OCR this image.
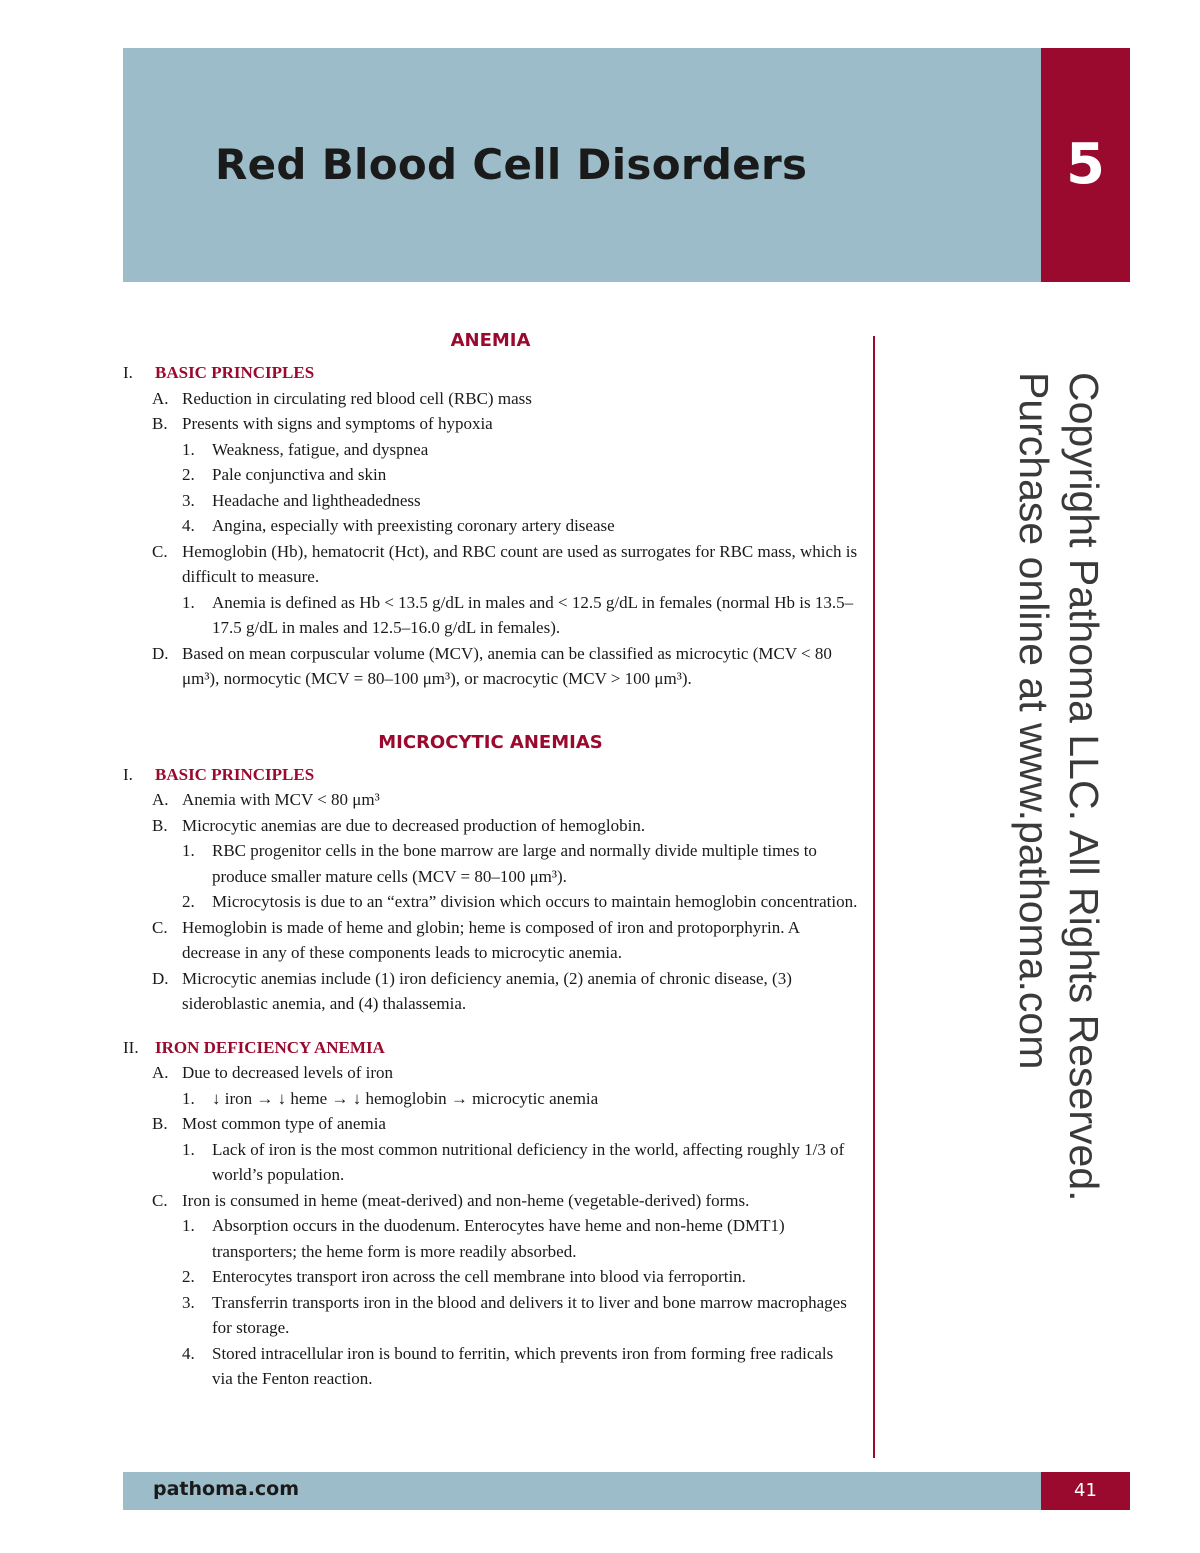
Red Blood Cell Disorders	5
ANEMIA
I.	BASIC PRINCIPLES
A. Reduction in circulating red blood cell (RBC) mass
B. Presents with signs and symptoms of hypoxia
1.	Weakness, fatigue, and dyspnea
2.	Pale conjunctiva and skin
3.	Headache and lightheadedness
4.	Angina, especially with preexisting coronary artery disease
C. Hemoglobin (Hb), hematocrit (Hct), and RBC count are used as surrogates for RBC mass, which is difficult to measure.
1.	Anemia is defined as Hb < 13.5 g/dL in males and < 12.5 g/dL in females (normal Hb is 13.5–17.5 g/dL in males and 12.5–16.0 g/dL in females).
D. Based on mean corpuscular volume (MCV), anemia can be classified as microcytic (MCV < 80 μm³), normocytic (MCV = 80–100 μm³), or macrocytic (MCV > 100 μm³).
MICROCYTIC ANEMIAS
I.	BASIC PRINCIPLES
A. Anemia with MCV < 80 μm³
B. Microcytic anemias are due to decreased production of hemoglobin.
1.	RBC progenitor cells in the bone marrow are large and normally divide multiple times to produce smaller mature cells (MCV = 80–100 μm³).
2.	Microcytosis is due to an “extra” division which occurs to maintain hemoglobin concentration.
C. Hemoglobin is made of heme and globin; heme is composed of iron and protoporphyrin. A decrease in any of these components leads to microcytic anemia.
D. Microcytic anemias include (1) iron deficiency anemia, (2) anemia of chronic disease, (3) sideroblastic anemia, and (4) thalassemia.
II. IRON DEFICIENCY ANEMIA
A. Due to decreased levels of iron
1.	↓ iron → ↓ heme → ↓ hemoglobin → microcytic anemia
B. Most common type of anemia
1.	Lack of iron is the most common nutritional deficiency in the world, affecting roughly 1/3 of world’s population.
C. Iron is consumed in heme (meat-derived) and non-heme (vegetable-derived) forms.
1.	Absorption occurs in the duodenum. Enterocytes have heme and non-heme (DMT1) transporters; the heme form is more readily absorbed.
2.	Enterocytes transport iron across the cell membrane into blood via ferroportin.
3.	Transferrin transports iron in the blood and delivers it to liver and bone marrow macrophages for storage.
4.	Stored intracellular iron is bound to ferritin, which prevents iron from forming free radicals via the Fenton reaction.
Copyright Pathoma LLC. All Rights Reserved.
Purchase online at www.pathoma.com
pathoma.com	41
